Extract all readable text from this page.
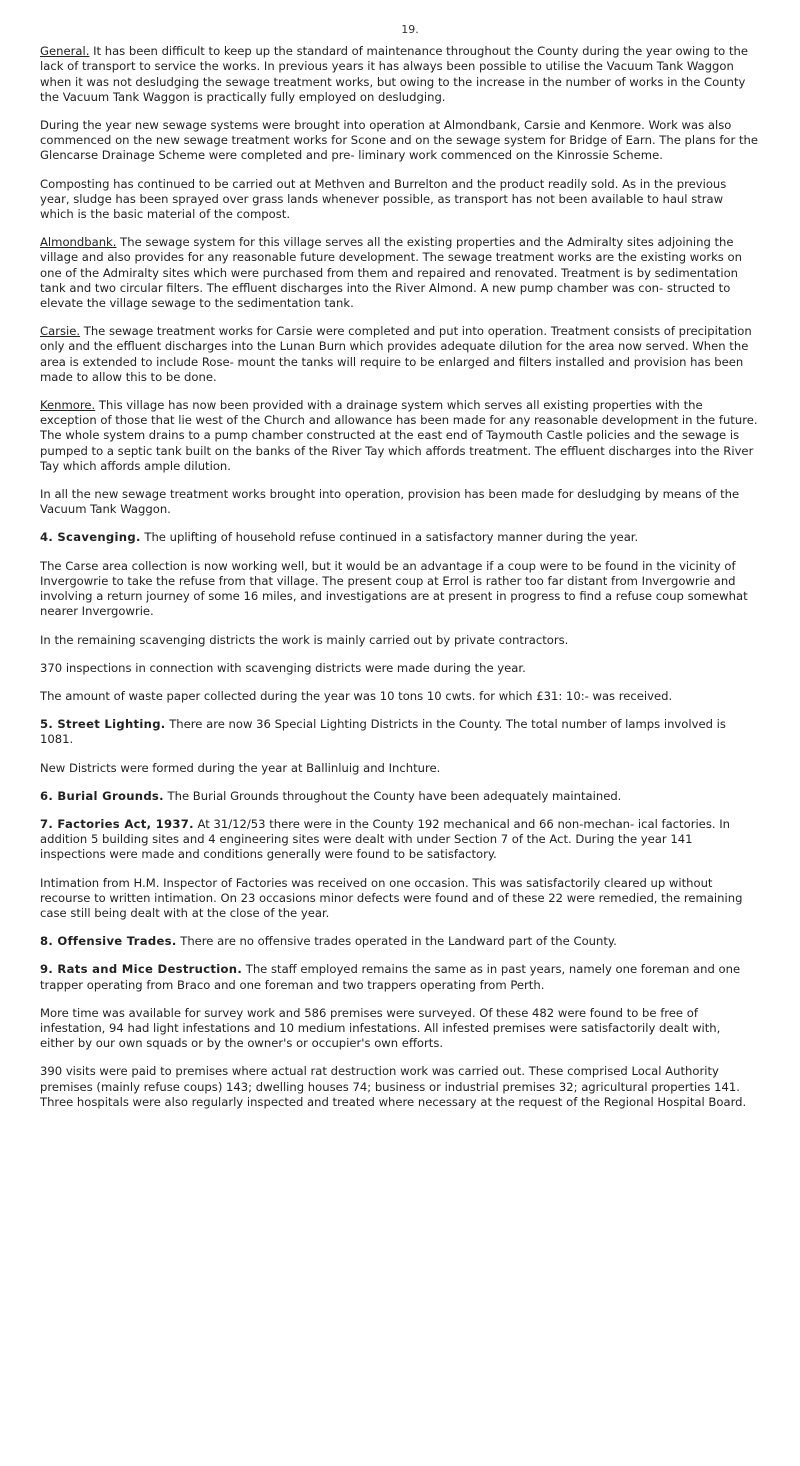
19.

General. It has been difficult to keep up the standard of maintenance throughout the County during the year owing to the lack of transport to service the works. In previous years it has always been possible to utilise the Vacuum Tank Waggon when it was not desludging the sewage treatment works, but owing to the increase in the number of works in the County the Vacuum Tank Waggon is practically fully employed on desludging.

During the year new sewage systems were brought into operation at Almondbank, Carsie and Kenmore. Work was also commenced on the new sewage treatment works for Scone and on the sewage system for Bridge of Earn. The plans for the Glencarse Drainage Scheme were completed and pre- liminary work commenced on the Kinrossie Scheme.

Composting has continued to be carried out at Methven and Burrelton and the product readily sold. As in the previous year, sludge has been sprayed over grass lands whenever possible, as transport has not been available to haul straw which is the basic material of the compost.

Almondbank. The sewage system for this village serves all the existing properties and the Admiralty sites adjoining the village and also provides for any reasonable future development. The sewage treatment works are the existing works on one of the Admiralty sites which were purchased from them and repaired and renovated. Treatment is by sedimentation tank and two circular filters. The effluent discharges into the River Almond. A new pump chamber was con- structed to elevate the village sewage to the sedimentation tank.

Carsie. The sewage treatment works for Carsie were completed and put into operation. Treatment consists of precipitation only and the effluent discharges into the Lunan Burn which provides adequate dilution for the area now served. When the area is extended to include Rose- mount the tanks will require to be enlarged and filters installed and provision has been made to allow this to be done.

Kenmore. This village has now been provided with a drainage system which serves all existing properties with the exception of those that lie west of the Church and allowance has been made for any reasonable development in the future. The whole system drains to a pump chamber constructed at the east end of Taymouth Castle policies and the sewage is pumped to a septic tank built on the banks of the River Tay which affords treatment. The effluent discharges into the River Tay which affords ample dilution.

In all the new sewage treatment works brought into operation, provision has been made for desludging by means of the Vacuum Tank Waggon.

4. Scavenging. The uplifting of household refuse continued in a satisfactory manner during the year.

The Carse area collection is now working well, but it would be an advantage if a coup were to be found in the vicinity of Invergowrie to take the refuse from that village. The present coup at Errol is rather too far distant from Invergowrie and involving a return journey of some 16 miles, and investigations are at present in progress to find a refuse coup somewhat nearer Invergowrie.

In the remaining scavenging districts the work is mainly carried out by private contractors.

370 inspections in connection with scavenging districts were made during the year.

The amount of waste paper collected during the year was 10 tons 10 cwts. for which £31: 10:- was received.

5. Street Lighting. There are now 36 Special Lighting Districts in the County. The total number of lamps involved is 1081.

New Districts were formed during the year at Ballinluig and Inchture.

6. Burial Grounds. The Burial Grounds throughout the County have been adequately maintained.

7. Factories Act, 1937. At 31/12/53 there were in the County 192 mechanical and 66 non-mechan- ical factories. In addition 5 building sites and 4 engineering sites were dealt with under Section 7 of the Act. During the year 141 inspections were made and conditions generally were found to be satisfactory.

Intimation from H.M. Inspector of Factories was received on one occasion. This was satisfactorily cleared up without recourse to written intimation. On 23 occasions minor defects were found and of these 22 were remedied, the remaining case still being dealt with at the close of the year.

8. Offensive Trades. There are no offensive trades operated in the Landward part of the County.

9. Rats and Mice Destruction. The staff employed remains the same as in past years, namely one foreman and one trapper operating from Braco and one foreman and two trappers operating from Perth.

More time was available for survey work and 586 premises were surveyed. Of these 482 were found to be free of infestation, 94 had light infestations and 10 medium infestations. All infested premises were satisfactorily dealt with, either by our own squads or by the owner's or occupier's own efforts.

390 visits were paid to premises where actual rat destruction work was carried out. These comprised Local Authority premises (mainly refuse coups) 143; dwelling houses 74; business or industrial premises 32; agricultural properties 141. Three hospitals were also regularly inspected and treated where necessary at the request of the Regional Hospital Board.
